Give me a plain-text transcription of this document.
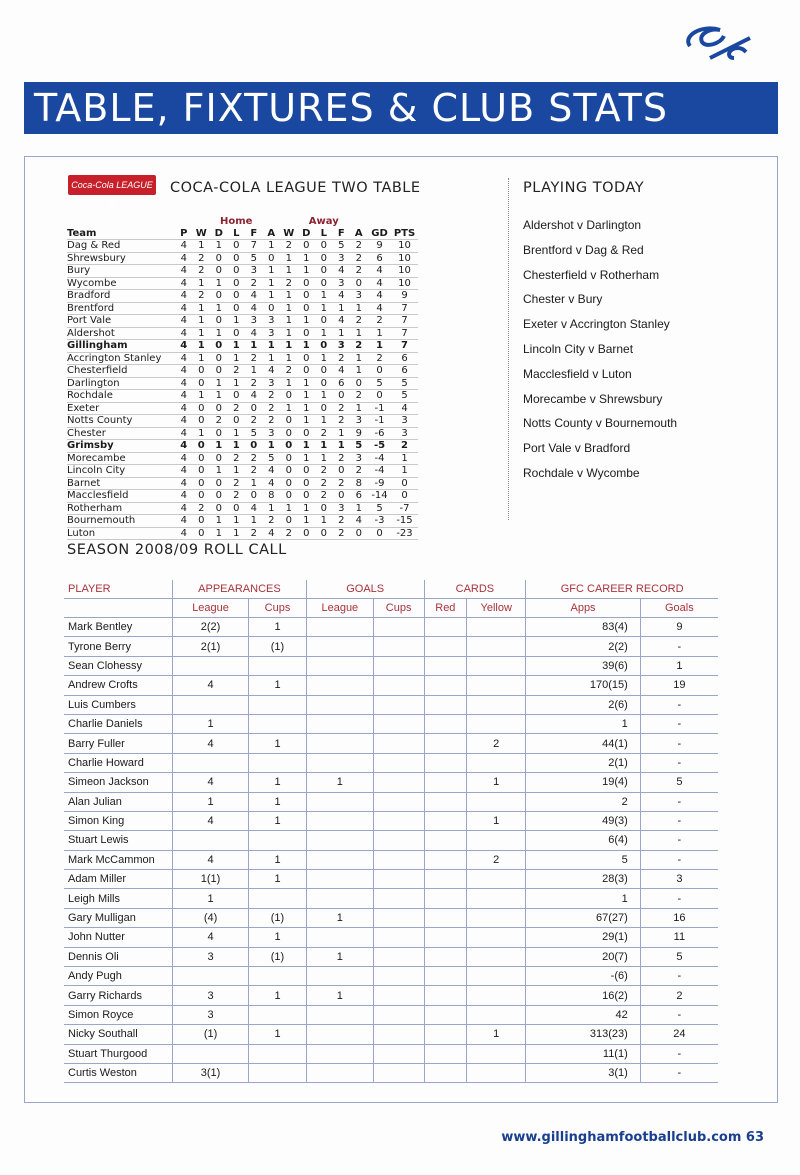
TABLE, FIXTURES & CLUB STATS
Coca-Cola LEAGUE 2
COCA-COLA LEAGUE TWO TABLE	PLAYING TODAY
		Home					Away						
Team	P	W	D	L	F	A	W	D	L	F	A	GD	PTS
Dag & Red	4	1	1	0	7	1	2	0	0	5	2	9	10
Shrewsbury	4	2	0	0	5	0	1	1	0	3	2	6	10
Bury	4	2	0	0	3	1	1	1	0	4	2	4	10
Wycombe	4	1	1	0	2	1	2	0	0	3	0	4	10
Bradford	4	2	0	0	4	1	1	0	1	4	3	4	9
Brentford	4	1	1	0	4	0	1	0	1	1	1	4	7
Port Vale	4	1	0	1	3	3	1	1	0	4	2	2	7
Aldershot	4	1	1	0	4	3	1	0	1	1	1	1	7
Gillingham	4	1	0	1	1	1	1	1	0	3	2	1	7
Accrington Stanley	4	1	0	1	2	1	1	0	1	2	1	2	6
Chesterfield	4	0	0	2	1	4	2	0	0	4	1	0	6
Darlington	4	0	1	1	2	3	1	1	0	6	0	5	5
Rochdale	4	1	1	0	4	2	0	1	1	0	2	0	5
Exeter	4	0	0	2	0	2	1	1	0	2	1	-1	4
Notts County	4	0	2	0	2	2	0	1	1	2	3	-1	3
Chester	4	1	0	1	5	3	0	0	2	1	9	-6	3
Grimsby	4	0	1	1	0	1	0	1	1	1	5	-5	2
Morecambe	4	0	0	2	2	5	0	1	1	2	3	-4	1
Lincoln City	4	0	1	1	2	4	0	0	2	0	2	-4	1
Barnet	4	0	0	2	1	4	0	0	2	2	8	-9	0
Macclesfield	4	0	0	2	0	8	0	0	2	0	6	-14	0
Rotherham	4	2	0	0	4	1	1	1	0	3	1	5	-7
Bournemouth	4	0	1	1	1	2	0	1	1	2	4	-3	-15
Luton	4	0	1	1	2	4	2	0	0	2	0	0	-23
Aldershot v Darlington
Brentford v Dag & Red
Chesterfield v Rotherham
Chester v Bury
Exeter v Accrington Stanley
Lincoln City v Barnet
Macclesfield v Luton
Morecambe v Shrewsbury
Notts County v Bournemouth
Port Vale v Bradford
Rochdale v Wycombe
SEASON 2008/09 ROLL CALL
PLAYER	APPEARANCES		GOALS		CARDS		GFC CAREER RECORD	
	League	Cups	League	Cups	Red	Yellow	Apps	Goals
Mark Bentley	2(2)	1					83(4)	9
Tyrone Berry	2(1)	(1)					2(2)	-
Sean Clohessy							39(6)	1
Andrew Crofts	4	1					170(15)	19
Luis Cumbers							2(6)	-
Charlie Daniels	1						1	-
Barry Fuller	4	1				2	44(1)	-
Charlie Howard							2(1)	-
Simeon Jackson	4	1	1			1	19(4)	5
Alan Julian	1	1					2	-
Simon King	4	1				1	49(3)	-
Stuart Lewis							6(4)	-
Mark McCammon	4	1				2	5	-
Adam Miller	1(1)	1					28(3)	3
Leigh Mills	1						1	-
Gary Mulligan	(4)	(1)	1				67(27)	16
John Nutter	4	1					29(1)	11
Dennis Oli	3	(1)	1				20(7)	5
Andy Pugh							-(6)	-
Garry Richards	3	1	1				16(2)	2
Simon Royce	3						42	-
Nicky Southall	(1)	1				1	313(23)	24
Stuart Thurgood							11(1)	-
Curtis Weston	3(1)						3(1)	-
www.gillinghamfootballclub.com 63
